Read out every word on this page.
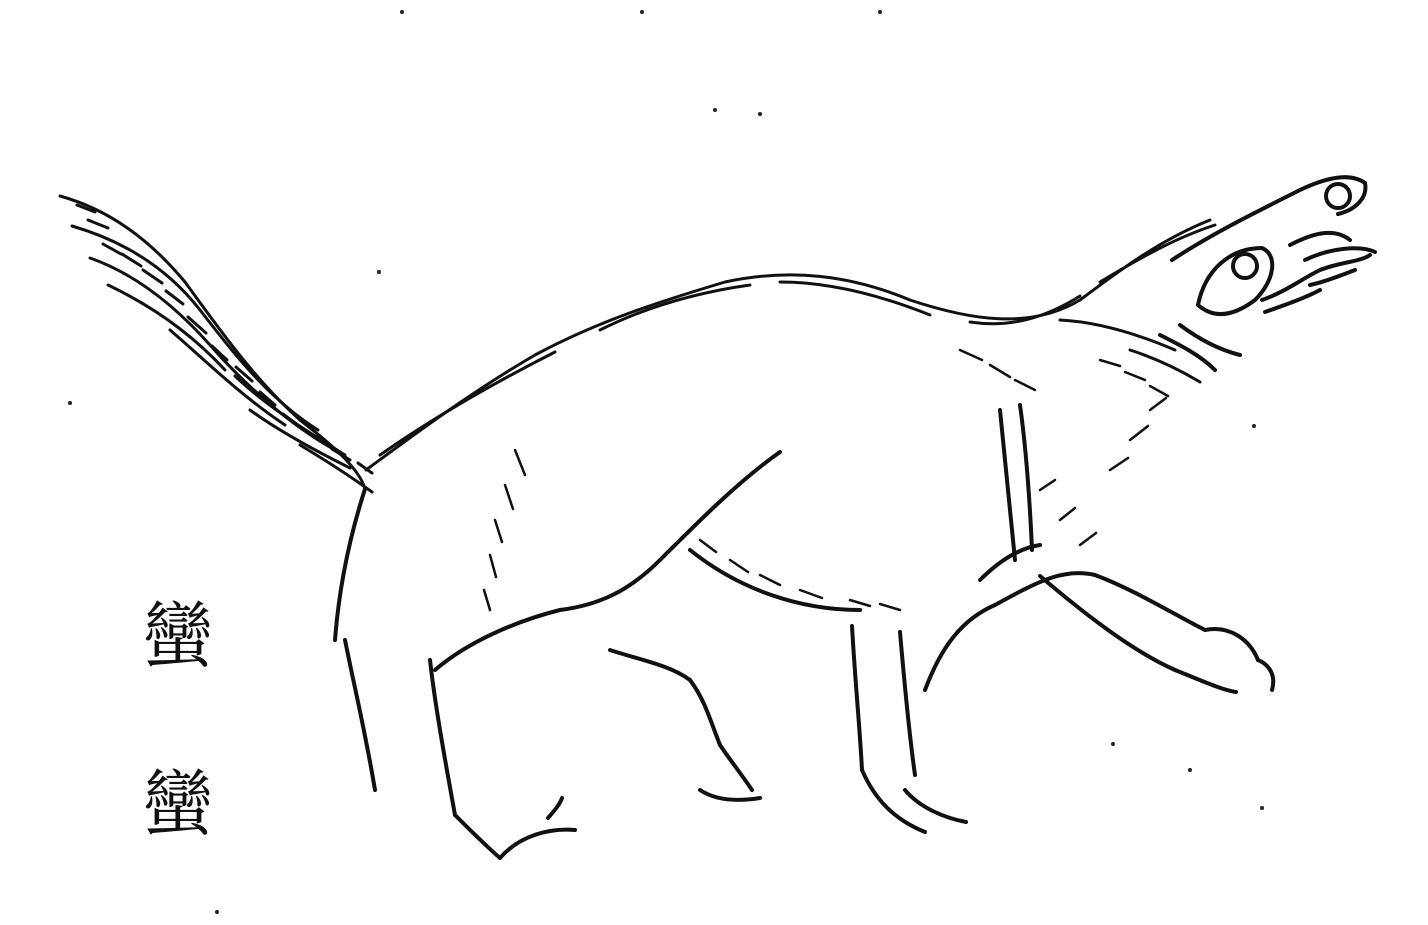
蠻
蠻
